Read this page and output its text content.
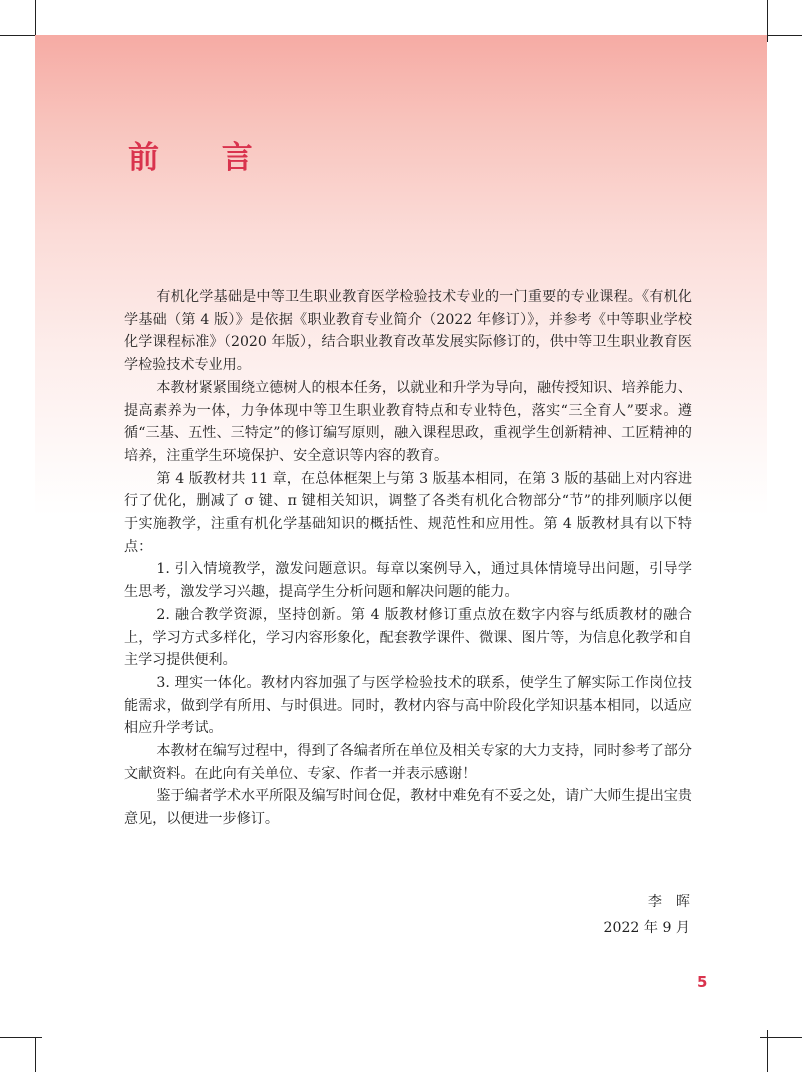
前 言

有机化学基础是中等卫生职业教育医学检验技术专业的一门重要的专业课程。《有机化学基础（第 4 版）》是依据《职业教育专业简介（2022 年修订）》，并参考《中等职业学校化学课程标准》（2020 年版），结合职业教育改革发展实际修订的，供中等卫生职业教育医学检验技术专业用。

本教材紧紧围绕立德树人的根本任务，以就业和升学为导向，融传授知识、培养能力、提高素养为一体，力争体现中等卫生职业教育特点和专业特色，落实“三全育人”要求。遵循“三基、五性、三特定”的修订编写原则，融入课程思政，重视学生创新精神、工匠精神的培养，注重学生环境保护、安全意识等内容的教育。

第 4 版教材共 11 章，在总体框架上与第 3 版基本相同，在第 3 版的基础上对内容进行了优化，删减了 σ 键、π 键相关知识，调整了各类有机化合物部分“节”的排列顺序以便于实施教学，注重有机化学基础知识的概括性、规范性和应用性。第 4 版教材具有以下特点：

1. 引入情境教学，激发问题意识。每章以案例导入，通过具体情境导出问题，引导学生思考，激发学习兴趣，提高学生分析问题和解决问题的能力。

2. 融合教学资源，坚持创新。第 4 版教材修订重点放在数字内容与纸质教材的融合上，学习方式多样化，学习内容形象化，配套教学课件、微课、图片等，为信息化教学和自主学习提供便利。

3. 理实一体化。教材内容加强了与医学检验技术的联系，使学生了解实际工作岗位技能需求，做到学有所用、与时俱进。同时，教材内容与高中阶段化学知识基本相同，以适应相应升学考试。

本教材在编写过程中，得到了各编者所在单位及相关专家的大力支持，同时参考了部分文献资料。在此向有关单位、专家、作者一并表示感谢！

鉴于编者学术水平所限及编写时间仓促，教材中难免有不妥之处，请广大师生提出宝贵意见，以便进一步修订。

李晖
2022 年 9 月
5
